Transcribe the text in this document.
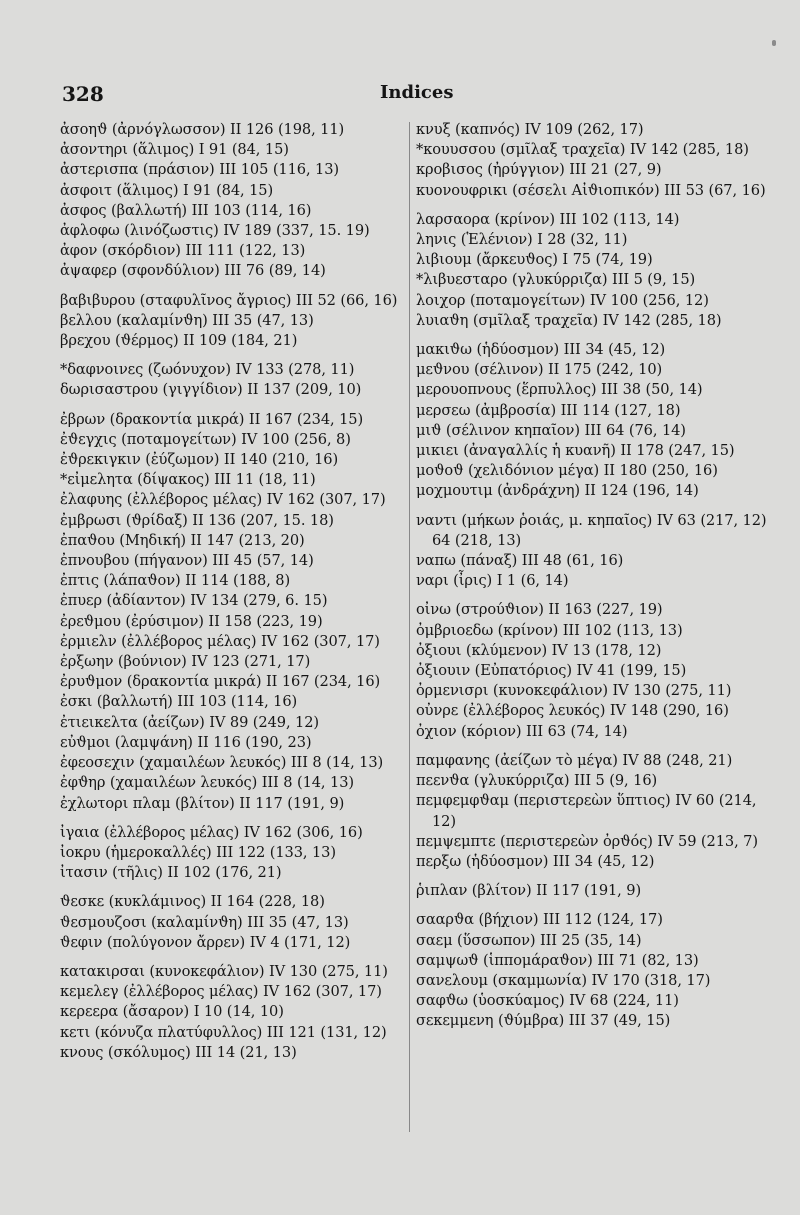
328	Indices

ἀσοηϑ (ἀρνόγλωσσον) II 126 (198, 11)

ἀσοντηρι (ἅλιμος) I 91 (84, 15)

ἀστερισπα (πράσιον) III 105 (116, 13)

ἀσφοιτ (ἅλιμος) I 91 (84, 15)

ἀσφος (βαλλωτή) III 103 (114, 16)

ἀφλοφω (λινόζωστις) IV 189 (337, 15. 19)

ἀφον (σκόρδιον) III 111 (122, 13)

ἀψαφερ (σφονδύλιον) III 76 (89, 14)

βαβιβυρου (σταφυλῖνος ἄγριος) III 52 (66, 16)

βελλου (καλαμίνϑη) III 35 (47, 13)

βρεχου (ϑέρμος) II 109 (184, 21)

*δαφνοινες (ζωόνυχον) IV 133 (278, 11)

δωρισαστρου (γιγγίδιον) II 137 (209, 10)

ἐβρων (δρακοντία μικρά) II 167 (234, 15)

ἐϑεγχις (ποταμογείτων) IV 100 (256, 8)

ἐϑρεκιγκιν (ἐύζωμον) II 140 (210, 16)

*εἰμελητα (δίψακος) III 11 (18, 11)

ἐλαφυης (ἐλλέβορος μέλας) IV 162 (307, 17)

ἐμβρωσι (ϑρίδαξ) II 136 (207, 15. 18)

ἐπαϑου (Μηδική) II 147 (213, 20)

ἐπνουβου (πήγανον) III 45 (57, 14)

ἐπτις (λάπαϑον) II 114 (188, 8)

ἐπυερ (ἀδίαντον) IV 134 (279, 6. 15)

ἐρεϑμου (ἐρύσιμον) II 158 (223, 19)

ἐρμιελν (ἐλλέβορος μέλας) IV 162 (307, 17)

ἐρξωην (βούνιον) IV 123 (271, 17)

ἐρυϑμον (δρακοντία μικρά) II 167 (234, 16)

ἐσκι (βαλλωτή) III 103 (114, 16)

ἐτιεικελτα (ἀείζων) IV 89 (249, 12)

εὐϑμοι (λαμψάνη) II 116 (190, 23)

ἐφεοσεχιν (χαμαιλέων λευκός) III 8 (14, 13)

ἐφϑηρ (χαμαιλέων λευκός) III 8 (14, 13)

ἐχλωτορι πλαμ (βλίτον) II 117 (191, 9)

ἰγαια (ἐλλέβορος μέλας) IV 162 (306, 16)

ἰοκρυ (ἡμεροκαλλές) III 122 (133, 13)

ἰτασιν (τῆλις) II 102 (176, 21)

ϑεσκε (κυκλάμινος) II 164 (228, 18)

ϑεσμουζοσι (καλαμίνϑη) III 35 (47, 13)

ϑεφιν (πολύγονον ἄρρεν) IV 4 (171, 12)

κατακιρσαι (κυνοκεφάλιον) IV 130 (275, 11)

κεμελεγ (ἐλλέβορος μέλας) IV 162 (307, 17)

κερεερα (ἄσαρον) I 10 (14, 10)

κετι (κόνυζα πλατύφυλλος) III 121 (131, 12)

κνους (σκόλυμος) III 14 (21, 13)

κνυξ (καπνός) IV 109 (262, 17)

*κουυσσου (σμῖλαξ τραχεῖα) IV 142 (285, 18)

κροβισος (ἠρύγγιον) III 21 (27, 9)

κυονουφρικι (σέσελι Αἰϑιοπικόν) III 53 (67, 16)

λαρσαορα (κρίνον) III 102 (113, 14)

ληνις (Ἑλένιον) I 28 (32, 11)

λιβιουμ (ἄρκευϑος) I 75 (74, 19)

*λιβυεσταρο (γλυκύρριζα) III 5 (9, 15)

λοιχορ (ποταμογείτων) IV 100 (256, 12)

λυιαϑη (σμῖλαξ τραχεῖα) IV 142 (285, 18)

μακιϑω (ἡδύοσμον) III 34 (45, 12)

μεϑνου (σέλινον) II 175 (242, 10)

μερουοπνους (ἕρπυλλος) III 38 (50, 14)

μερσεω (ἀμβροσία) III 114 (127, 18)

μιϑ (σέλινον κηπαῖον) III 64 (76, 14)

μικιει (ἀναγαλλίς ἡ κυανῆ) II 178 (247, 15)

μοϑοϑ (χελιδόνιον μέγα) II 180 (250, 16)

μοχμουτιμ (ἀνδράχνη) II 124 (196, 14)

ναντι (μήκων ῥοιάς, μ. κηπαῖος) IV 63 (217, 12) 64 (218, 13)

ναπω (πάναξ) III 48 (61, 16)

ναρι (ἶρις) I 1 (6, 14)

οἰνω (στρούϑιον) II 163 (227, 19)

ὀμβριοεδω (κρίνον) III 102 (113, 13)

ὀξιουι (κλύμενον) IV 13 (178, 12)

ὀξιουιν (Εὐπατόριος) IV 41 (199, 15)

ὀρμενισρι (κυνοκεφάλιον) IV 130 (275, 11)

οὐνρε (ἐλλέβορος λευκός) IV 148 (290, 16)

ὀχιον (κόριον) III 63 (74, 14)

παμφανης (ἀείζων τὸ μέγα) IV 88 (248, 21)

πεενϑα (γλυκύρριζα) III 5 (9, 16)

πεμφεμφϑαμ (περιστερεὼν ὕπτιος) IV 60 (214, 12)

πεμψεμπτε (περιστερεὼν ὀρϑός) IV 59 (213, 7)

περξω (ἡδύοσμον) III 34 (45, 12)

ῥιπλαν (βλίτον) II 117 (191, 9)

σααρϑα (βήχιον) III 112 (124, 17)

σαεμ (ὕσσωπον) III 25 (35, 14)

σαμψωϑ (ἱππομάραϑον) III 71 (82, 13)

σανελουμ (σκαμμωνία) IV 170 (318, 17)

σαφϑω (ὑοσκύαμος) IV 68 (224, 11)

σεκεμμενη (ϑύμβρα) III 37 (49, 15)
